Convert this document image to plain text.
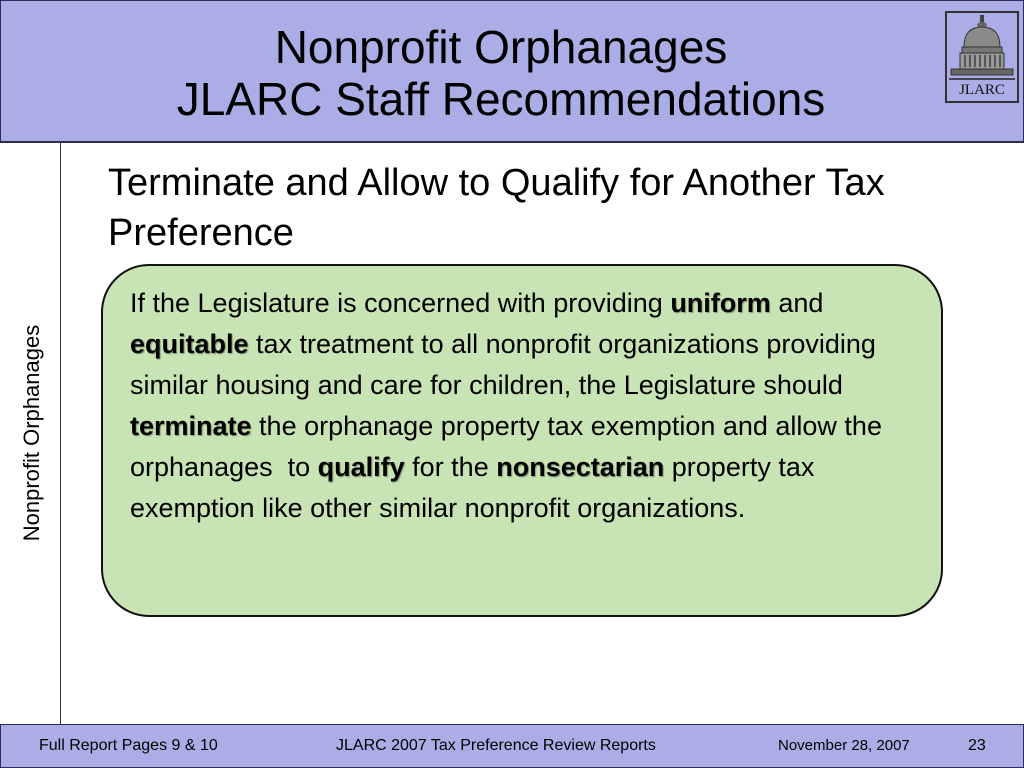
Nonprofit Orphanages
JLARC Staff Recommendations	JLARC
Nonprofit Orphanages
Terminate and Allow to Qualify for Another Tax Preference
If the Legislature is concerned with providing uniform and equitable tax treatment to all nonprofit organizations providing similar housing and care for children, the Legislature should terminate the orphanage property tax exemption and allow the orphanages  to qualify for the nonsectarian property tax exemption like other similar nonprofit organizations.
Full Report Pages 9 & 10	JLARC 2007 Tax Preference Review Reports	November 28, 2007	23
